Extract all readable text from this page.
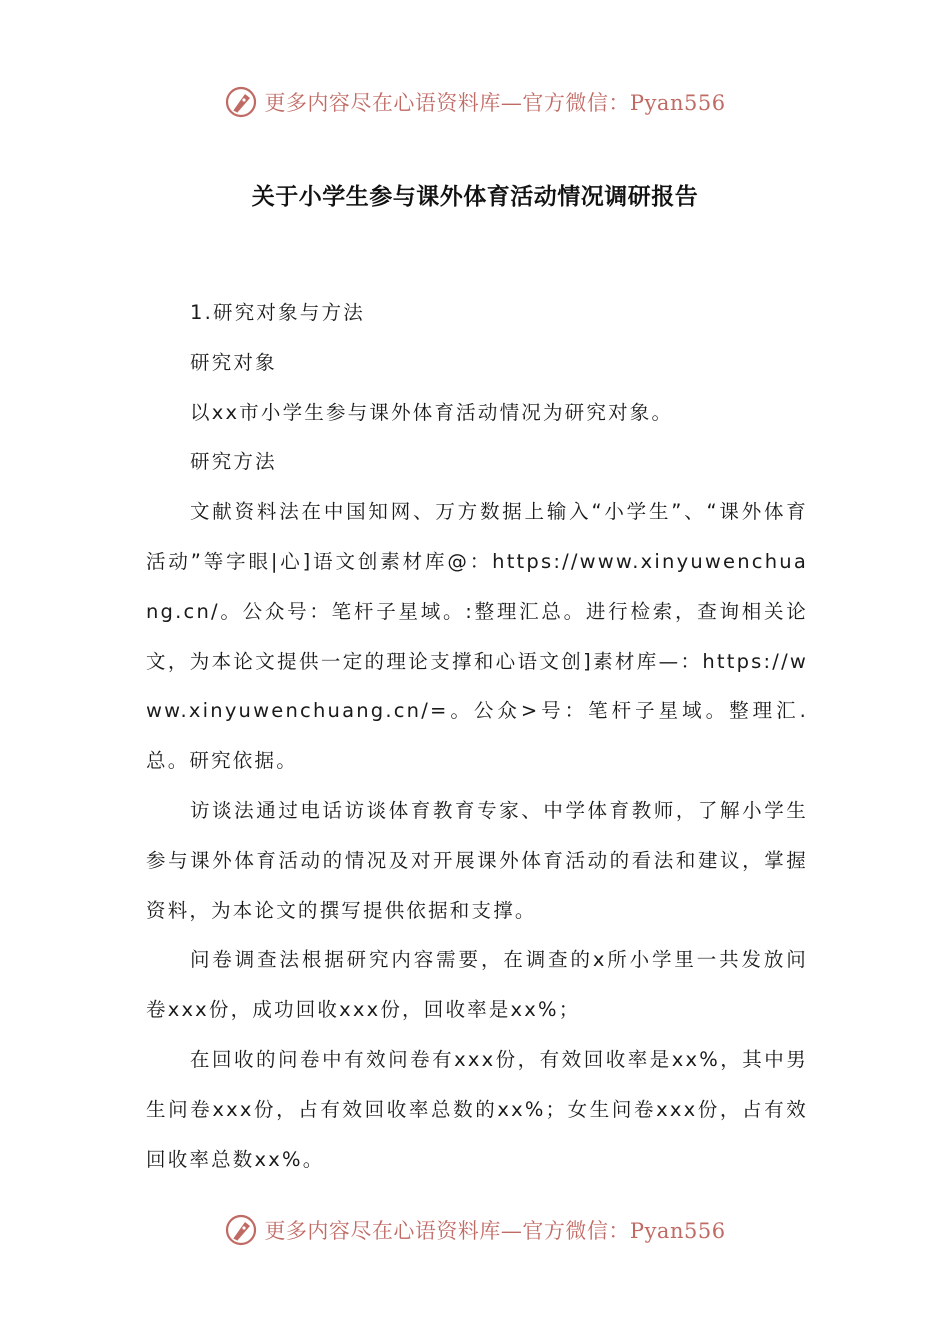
更多内容尽在心语资料库—官方微信：Pyan556
关于小学生参与课外体育活动情况调研报告

1.研究对象与方法

研究对象

以xx市小学生参与课外体育活动情况为研究对象。

研究方法

文献资料法在中国知网、万方数据上输入“小学生”、“课外体育活动”等字眼|心]语文创素材库@：https://www.xinyuwenchuang.cn/。公众号：笔杆子星域。:整理汇总。进行检索，查询相关论文，为本论文提供一定的理论支撑和心语文创]素材库—：https://www.xinyuwenchuang.cn/=。公众>号：笔杆子星域。整理汇.总。研究依据。

访谈法通过电话访谈体育教育专家、中学体育教师，了解小学生参与课外体育活动的情况及对开展课外体育活动的看法和建议，掌握资料，为本论文的撰写提供依据和支撑。

问卷调查法根据研究内容需要，在调查的x所小学里一共发放问卷xxx份，成功回收xxx份，回收率是xx%；

在回收的问卷中有效问卷有xxx份，有效回收率是xx%，其中男生问卷xxx份，占有效回收率总数的xx%；女生问卷xxx份，占有效回收率总数xx%。

更多内容尽在心语资料库—官方微信：Pyan556
